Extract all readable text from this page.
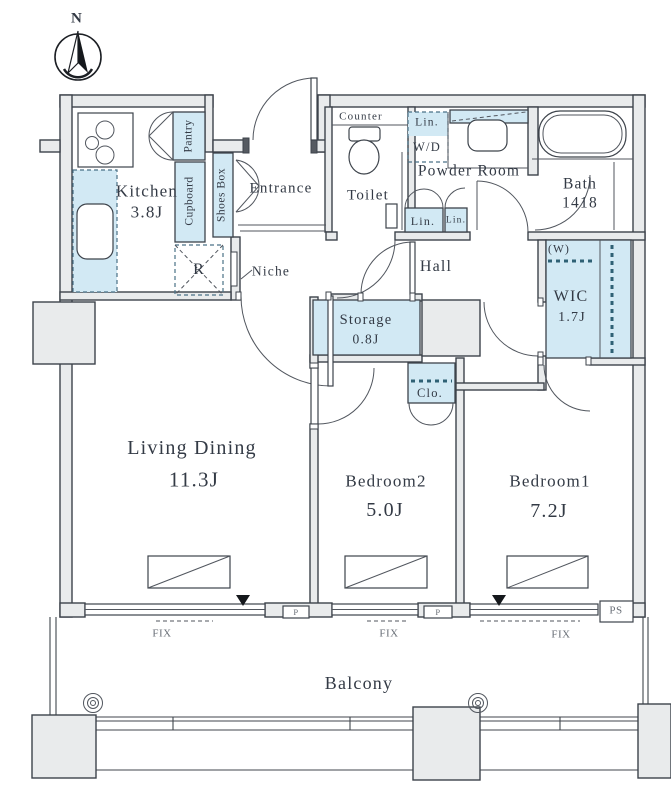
N
Kitchen
3.8J
Pantry
Cupboard Shoes Box
R	Niche
Entrance
Counter
Toilet
Lin.
W/D
Powder Room
Lin. Lin.
Bath
1418
(W)
WIC
1.7J
Hall
Storage
0.8J
Clo.
Living Dining
11.3J	Bedroom2
5.0J
Bedroom1
7.2J
Balcony
FIX	FIX	FIX
P	P	PS
